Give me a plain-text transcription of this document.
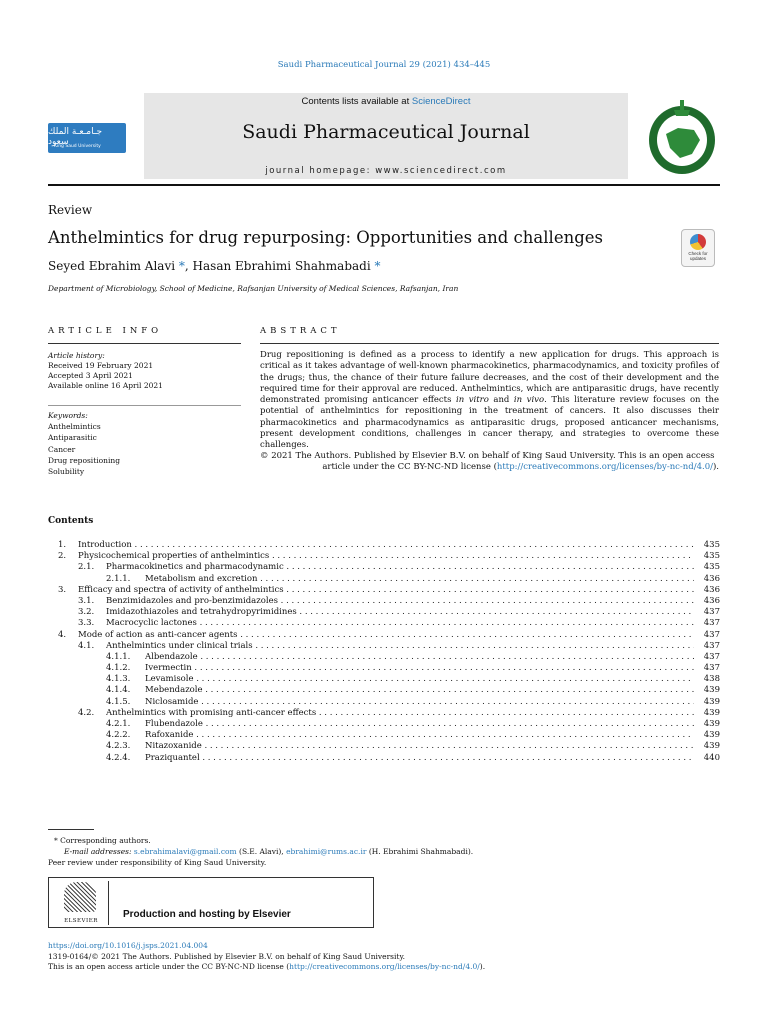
Saudi Pharmaceutical Journal 29 (2021) 434–445
جـامـعـة الملك سعود
King Saud University
Contents lists available at ScienceDirect
Saudi Pharmaceutical Journal
journal homepage: www.sciencedirect.com
Review
Anthelmintics for drug repurposing: Opportunities and challenges
Check for updates
Seyed Ebrahim Alavi *, Hasan Ebrahimi Shahmabadi *
Department of Microbiology, School of Medicine, Rafsanjan University of Medical Sciences, Rafsanjan, Iran
ARTICLE INFO	ABSTRACT
Article history:
Received 19 February 2021
Accepted 3 April 2021
Available online 16 April 2021
Keywords:
Anthelmintics
Antiparasitic
Cancer
Drug repositioning
Solubility
Drug repositioning is defined as a process to identify a new application for drugs. This approach is critical as it takes advantage of well-known pharmacokinetics, pharmacodynamics, and toxicity profiles of the drugs; thus, the chance of their future failure decreases, and the cost of their development and the required time for their approval are reduced. Anthelmintics, which are antiparasitic drugs, have recently demonstrated promising anticancer effects in vitro and in vivo. This literature review focuses on the potential of anthelmintics for repositioning in the treatment of cancers. It also discusses their pharmacokinetics and pharmacodynamics as antiparasitic drugs, proposed anticancer mechanisms, present development conditions, challenges in cancer therapy, and strategies to overcome these challenges.
© 2021 The Authors. Published by Elsevier B.V. on behalf of King Saud University. This is an open access
article under the CC BY-NC-ND license (http://creativecommons.org/licenses/by-nc-nd/4.0/).
Contents
1. Introduction . . .	435
2. Physicochemical properties of anthelmintics . . .	435
2.1. Pharmacokinetics and pharmacodynamic . . .	435
2.1.1. Metabolism and excretion . . .	436
3. Efficacy and spectra of activity of anthelmintics . . .	436
3.1. Benzimidazoles and pro-benzimidazoles . . .	436
3.2. Imidazothiazoles and tetrahydropyrimidines . . .	437
3.3. Macrocyclic lactones . . .	437
4. Mode of action as anti-cancer agents . . .	437
4.1. Anthelmintics under clinical trials . . .	437
4.1.1. Albendazole . . .	437
4.1.2. Ivermectin . . .	437
4.1.3. Levamisole . . .	438
4.1.4. Mebendazole . . .	439
4.1.5. Niclosamide . . .	439
4.2. Anthelmintics with promising anti-cancer effects . . .	439
4.2.1. Flubendazole . . .	439
4.2.2. Rafoxanide . . .	439
4.2.3. Nitazoxanide . . .	439
4.2.4. Praziquantel . . .	440
* Corresponding authors.
E-mail addresses: s.ebrahimalavi@gmail.com (S.E. Alavi), ebrahimi@rums.ac.ir (H. Ebrahimi Shahmabadi).
Peer review under responsibility of King Saud University.
ELSEVIER
Production and hosting by Elsevier
https://doi.org/10.1016/j.jsps.2021.04.004
1319-0164/© 2021 The Authors. Published by Elsevier B.V. on behalf of King Saud University.
This is an open access article under the CC BY-NC-ND license (http://creativecommons.org/licenses/by-nc-nd/4.0/).
